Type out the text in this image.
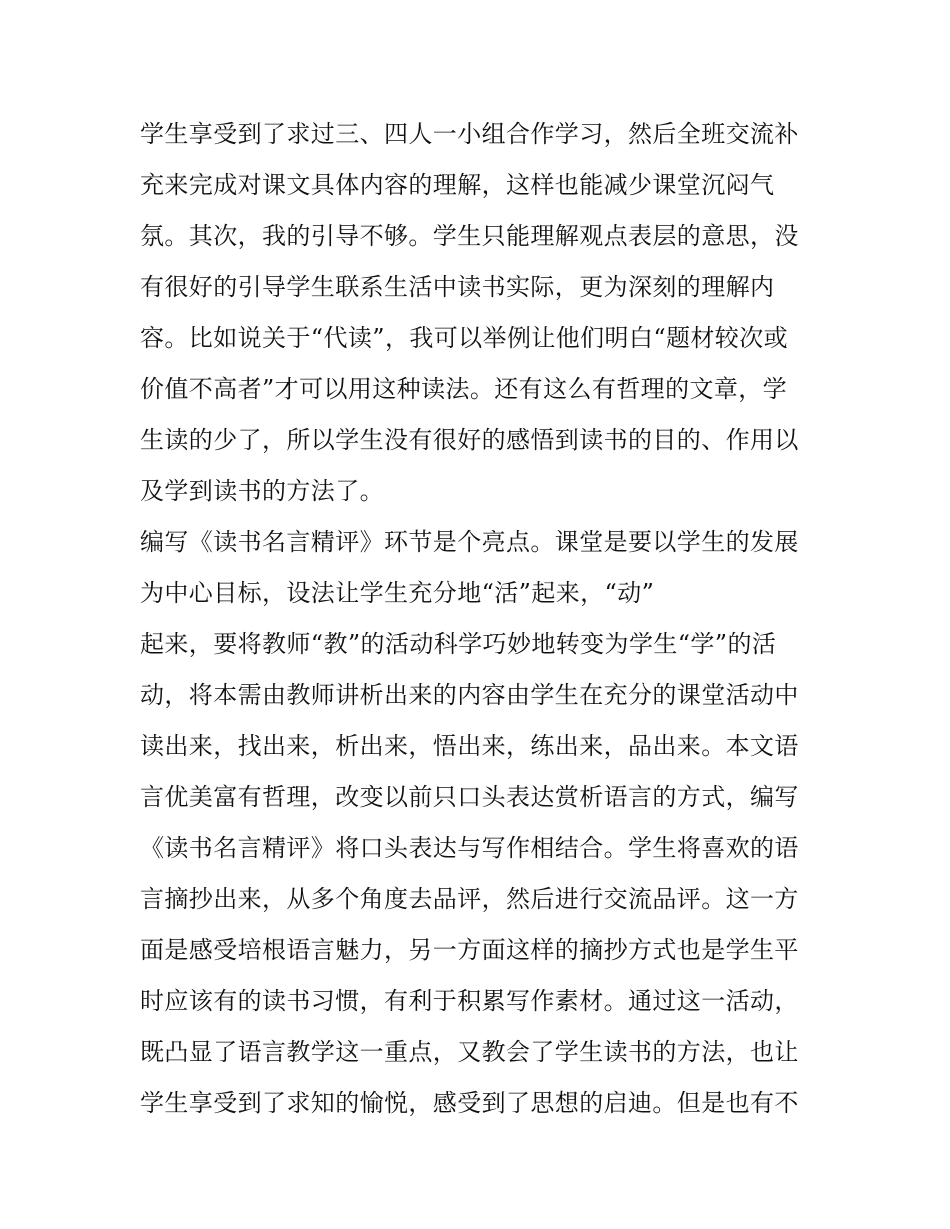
学生享受到了求过三、四人一小组合作学习，然后全班交流补
充来完成对课文具体内容的理解，这样也能减少课堂沉闷气
氛。其次，我的引导不够。学生只能理解观点表层的意思，没
有很好的引导学生联系生活中读书实际，更为深刻的理解内
容。比如说关于“代读”，我可以举例让他们明白“题材较次或
价值不高者”才可以用这种读法。还有这么有哲理的文章，学
生读的少了，所以学生没有很好的感悟到读书的目的、作用以
及学到读书的方法了。
编写《读书名言精评》环节是个亮点。课堂是要以学生的发展
为中心目标，设法让学生充分地“活”起来，“动”
起来，要将教师“教”的活动科学巧妙地转变为学生“学”的活
动，将本需由教师讲析出来的内容由学生在充分的课堂活动中
读出来，找出来，析出来，悟出来，练出来，品出来。本文语
言优美富有哲理，改变以前只口头表达赏析语言的方式，编写
《读书名言精评》将口头表达与写作相结合。学生将喜欢的语
言摘抄出来，从多个角度去品评，然后进行交流品评。这一方
面是感受培根语言魅力，另一方面这样的摘抄方式也是学生平
时应该有的读书习惯，有利于积累写作素材。通过这一活动，
既凸显了语言教学这一重点，又教会了学生读书的方法，也让
学生享受到了求知的愉悦，感受到了思想的启迪。但是也有不
